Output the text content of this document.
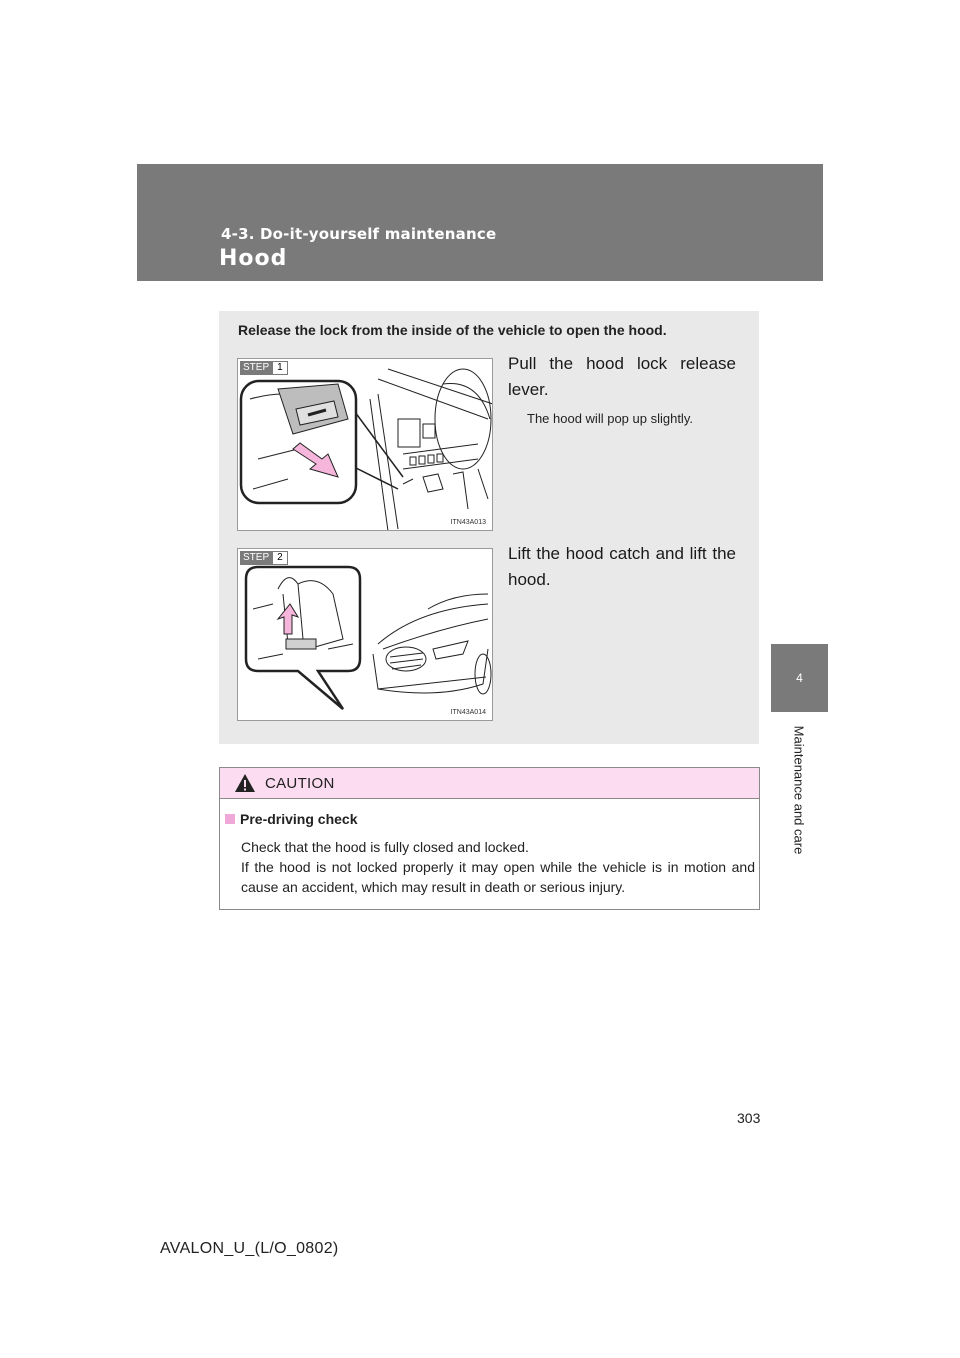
4-3. Do-it-yourself maintenance
Hood
4
Maintenance and care
Release the lock from the inside of the vehicle to open the hood.
STEP 1
ITN43A013
Pull the hood lock release lever.
The hood will pop up slightly.
STEP 2
ITN43A014
Lift the hood catch and lift the hood.
CAUTION
Pre-driving check

Check that the hood is fully closed and locked.

If the hood is not locked properly it may open while the vehicle is in motion and cause an accident, which may result in death or serious injury.

303
AVALON_U_(L/O_0802)
